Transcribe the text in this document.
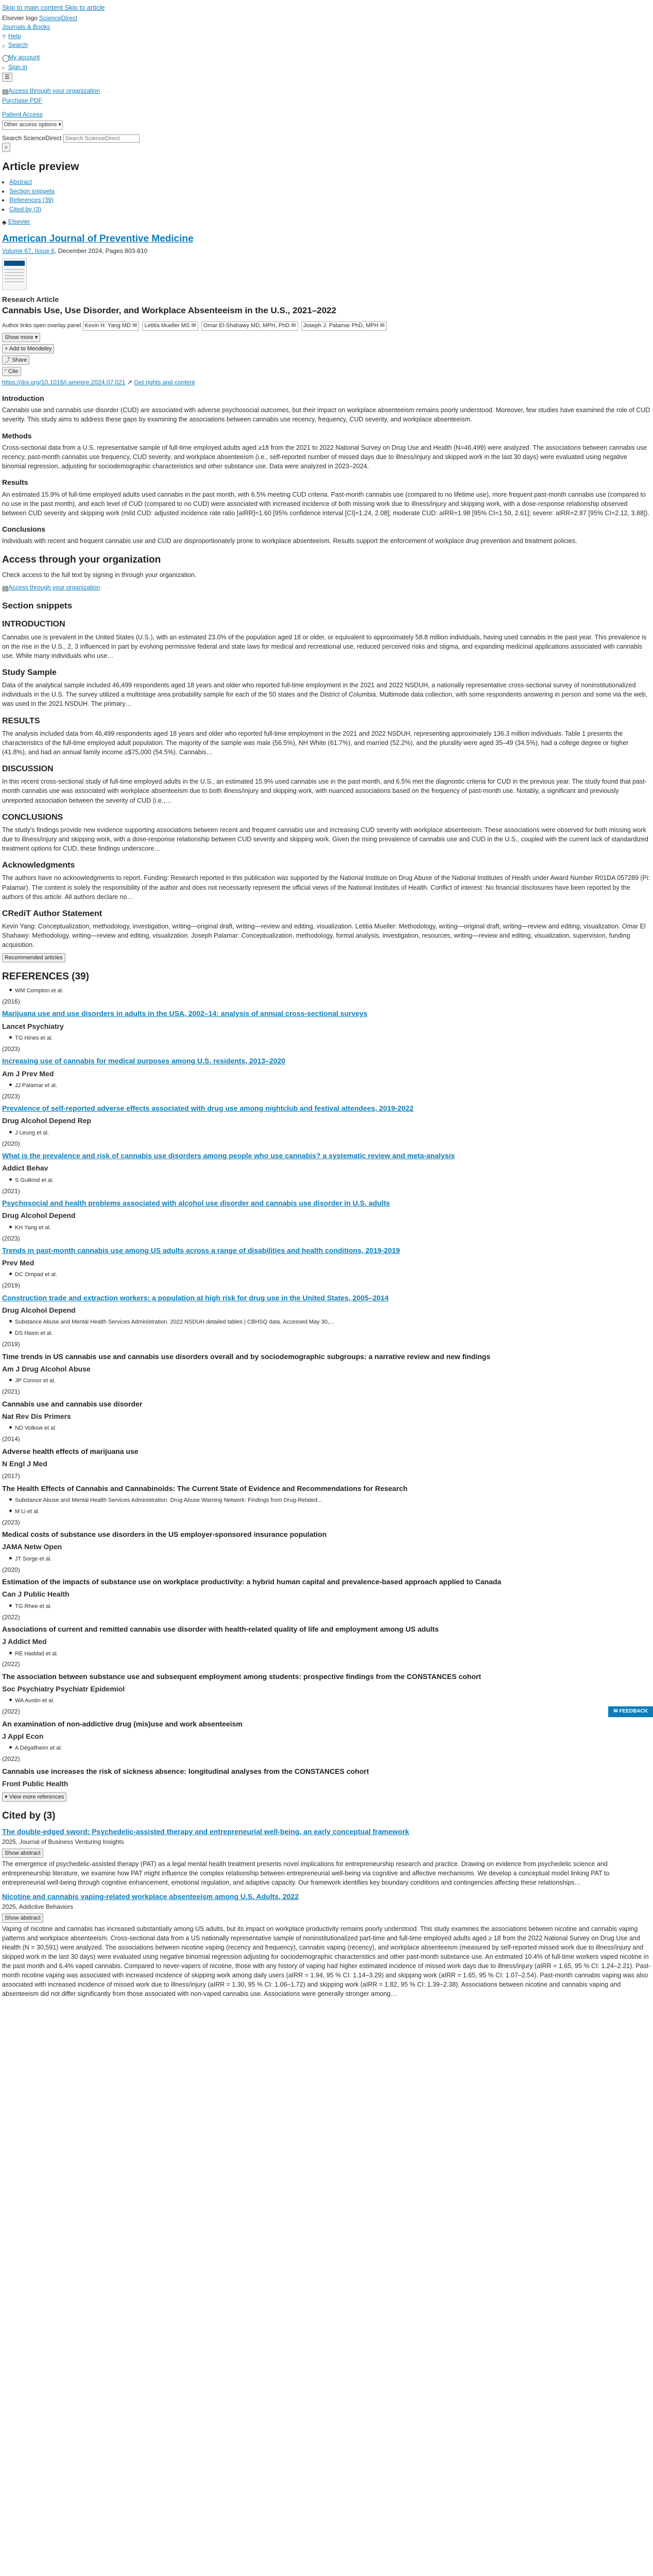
Skip to main content Skip to article
Elsevier logo ScienceDirect
Journals & Books
? Help
⌕ Search
◯My account
▫ Sign in
☰
▤Access through your organization
Purchase PDF
Patient Access
Other access options ▾
Search ScienceDirect Search ScienceDirect
⌕
Article preview
• Abstract
• Section snippets
• References (39)
• Cited by (3)
♣ Elsevier
American Journal of Preventive Medicine
Volume 67, Issue 6, December 2024, Pages 803-810
Research Article
Cannabis Use, Use Disorder, and Workplace Absenteeism in the U.S., 2021–2022
Author links open overlay panel Kevin H. Yang MD ✉ Letitia Mueller MS ✉ Omar El-Shahawy MD, MPH, PhD ✉ Joseph J. Palamar PhD, MPH ✉
Show more ▾
+ Add to Mendeley
⤴ Share
" Cite
https://doi.org/10.1016/j.amepre.2024.07.021 ↗ Get rights and content
Introduction

Cannabis use and cannabis use disorder (CUD) are associated with adverse psychosocial outcomes, but their impact on workplace absenteeism remains poorly understood. Moreover, few studies have examined the role of CUD severity. This study aims to address these gaps by examining the associations between cannabis use recency, frequency, CUD severity, and workplace absenteeism.

Methods

Cross-sectional data from a U.S. representative sample of full-time employed adults aged ≥18 from the 2021 to 2022 National Survey on Drug Use and Health (N=46,499) were analyzed. The associations between cannabis use recency, past-month cannabis use frequency, CUD severity, and workplace absenteeism (i.e., self-reported number of missed days due to illness/injury and skipped work in the last 30 days) were evaluated using negative binomial regression, adjusting for sociodemographic characteristics and other substance use. Data were analyzed in 2023–2024.

Results

An estimated 15.9% of full-time employed adults used cannabis in the past month, with 6.5% meeting CUD criteria. Past-month cannabis use (compared to no lifetime use), more frequent past-month cannabis use (compared to no use in the past month), and each level of CUD (compared to no CUD) were associated with increased incidence of both missing work due to illness/injury and skipping work, with a dose-response relationship observed between CUD severity and skipping work (mild CUD: adjusted incidence rate ratio [aIRR]=1.60 [95% confidence interval [CI]=1.24, 2.08]; moderate CUD: aIRR=1.98 [95% CI=1.50, 2.61]; severe: aIRR=2.87 [95% CI=2.12, 3.88]).

Conclusions

Individuals with recent and frequent cannabis use and CUD are disproportionately prone to workplace absenteeism. Results support the enforcement of workplace drug prevention and treatment policies.

Access through your organization

Check access to the full text by signing in through your organization.

▤Access through your organization
Section snippets
INTRODUCTION

Cannabis use is prevalent in the United States (U.S.), with an estimated 23.0% of the population aged 18 or older, or equivalent to approximately 58.8 million individuals, having used cannabis in the past year. This prevalence is on the rise in the U.S., 2, 3 influenced in part by evolving permissive federal and state laws for medical and recreational use, reduced perceived risks and stigma, and expanding medicinal applications associated with cannabis use. While many individuals who use…

Study Sample

Data of the analytical sample included 46,499 respondents aged 18 years and older who reported full-time employment in the 2021 and 2022 NSDUH, a nationally representative cross-sectional survey of noninstitutionalized individuals in the U.S. The survey utilized a multistage area probability sample for each of the 50 states and the District of Columbia. Multimode data collection, with some respondents answering in person and some via the web, was used in the 2021 NSDUH. The primary…

RESULTS

The analysis included data from 46,499 respondents aged 18 years and older who reported full-time employment in the 2021 and 2022 NSDUH, representing approximately 136.3 million individuals. Table 1 presents the characteristics of the full-time employed adult population. The majority of the sample was male (56.5%), NH White (61.7%), and married (52.2%), and the plurality were aged 35–49 (34.5%), had a college degree or higher (41.8%), and had an annual family income ≥$75,000 (54.5%). Cannabis…

DISCUSSION

In this recent cross-sectional study of full-time employed adults in the U.S., an estimated 15.9% used cannabis use in the past month, and 6.5% met the diagnostic criteria for CUD in the previous year. The study found that past-month cannabis use was associated with workplace absenteeism due to both illness/injury and skipping work, with nuanced associations based on the frequency of past-month use. Notably, a significant and previously unreported association between the severity of CUD (i.e.,…

CONCLUSIONS

The study's findings provide new evidence supporting associations between recent and frequent cannabis use and increasing CUD severity with workplace absenteeism. These associations were observed for both missing work due to illness/injury and skipping work, with a dose-response relationship between CUD severity and skipping work. Given the rising prevalence of cannabis use and CUD in the U.S., coupled with the current lack of standardized treatment options for CUD, these findings underscore…

Acknowledgments

The authors have no acknowledgments to report. Funding: Research reported in this publication was supported by the National Institute on Drug Abuse of the National Institutes of Health under Award Number R01DA 057289 (Pi: Palamar). The content is solely the responsibility of the author and does not necessarily represent the official views of the National Institutes of Health. Conflict of interest: No financial disclosures have been reported by the authors of this article. All authors declare no…

CRediT Author Statement

Kevin Yang: Conceptualization, methodology, investigation, writing—original draft, writing—review and editing, visualization. Letitia Mueller: Methodology, writing—original draft, writing—review and editing, visualization. Omar El Shahawy: Methodology, writing—review and editing, visualization. Joseph Palamar: Conceptualization, methodology, formal analysis, investigation, resources, writing—review and editing, visualization, supervision, funding acquisition.

Recommended articles
REFERENCES (39)
WM Compton et al.
(2016)
Marijuana use and use disorders in adults in the USA, 2002–14: analysis of annual cross-sectional surveys
Lancet Psychiatry
TG Hines et al.
(2023)
Increasing use of cannabis for medical purposes among U.S. residents, 2013–2020
Am J Prev Med
JJ Palamar et al.
(2023)
Prevalence of self-reported adverse effects associated with drug use among nightclub and festival attendees, 2019-2022
Drug Alcohol Depend Rep
J Leung et al.
(2020)
What is the prevalence and risk of cannabis use disorders among people who use cannabis? a systematic review and meta-analysis
Addict Behav
S Gutkind et al.
(2021)
Psychosocial and health problems associated with alcohol use disorder and cannabis use disorder in U.S. adults
Drug Alcohol Depend
KH Yang et al.
(2023)
Trends in past-month cannabis use among US adults across a range of disabilities and health conditions, 2019-2019
Prev Med
DC Ompad et al.
(2019)
Construction trade and extraction workers: a population at high risk for drug use in the United States, 2005–2014
Drug Alcohol Depend
Substance Abuse and Mental Health Services Administration. 2022 NSDUH detailed tables | CBHSQ data. Accessed May 30,...
DS Hasin et al.
(2019)
Time trends in US cannabis use and cannabis use disorders overall and by sociodemographic subgroups: a narrative review and new findings
Am J Drug Alcohol Abuse
JP Connor et al.
(2021)
Cannabis use and cannabis use disorder
Nat Rev Dis Primers
ND Volkow et al.
(2014)
Adverse health effects of marijuana use
N Engl J Med
(2017)
The Health Effects of Cannabis and Cannabinoids: The Current State of Evidence and Recommendations for Research
Substance Abuse and Mental Health Services Administration. Drug Abuse Warning Network: Findings from Drug-Related...
M Li et al.
(2023)
Medical costs of substance use disorders in the US employer-sponsored insurance population
JAMA Netw Open
JT Sorge et al.
(2020)
Estimation of the impacts of substance use on workplace productivity: a hybrid human capital and prevalence-based approach applied to Canada
Can J Public Health
TG Rhee et al.
(2022)
Associations of current and remitted cannabis use disorder with health-related quality of life and employment among US adults
J Addict Med
RE Haddad et al.
(2022)
The association between substance use and subsequent employment among students: prospective findings from the CONSTANCES cohort
Soc Psychiatry Psychiatr Epidemiol
WA Austin et al.
(2022)
An examination of non-addictive drug (mis)use and work absenteeism
J Appl Econ
A Dégallheim et al.
(2022)
Cannabis use increases the risk of sickness absence: longitudinal analyses from the CONSTANCES cohort
Front Public Health
▾ View more references
Cited by (3)
The double-edged sword: Psychedelic-assisted therapy and entrepreneurial well-being, an early conceptual framework
2025, Journal of Business Venturing Insights
Show abstract

The emergence of psychedelic-assisted therapy (PAT) as a legal mental health treatment presents novel implications for entrepreneurship research and practice. Drawing on evidence from psychedelic science and entrepreneurship literature, we examine how PAT might influence the complex relationship between entrepreneurial well-being via cognitive and affective mechanisms. We develop a conceptual model linking PAT to entrepreneurial well-being through cognitive enhancement, emotional regulation, and adaptive capacity. Our framework identifies key boundary conditions and contingencies affecting these relationships…

Nicotine and cannabis vaping-related workplace absenteeism among U.S. Adults, 2022
2025, Addictive Behaviors
Show abstract

Vaping of nicotine and cannabis has increased substantially among US adults, but its impact on workplace productivity remains poorly understood. This study examines the associations between nicotine and cannabis vaping patterns and workplace absenteeism. Cross-sectional data from a US nationally representative sample of noninstitutionalized part-time and full-time employed adults aged ≥ 18 from the 2022 National Survey on Drug Use and Health (N = 30,591) were analyzed. The associations between nicotine vaping (recency and frequency), cannabis vaping (recency), and workplace absenteeism (measured by self-reported missed work due to illness/injury and skipped work in the last 30 days) were evaluated using negative binomial regression adjusting for sociodemographic characteristics and other past-month substance use. An estimated 10.4% of full-time workers vaped nicotine in the past month and 6.4% vaped cannabis. Compared to never-vapers of nicotine, those with any history of vaping had higher estimated incidence of missed work days due to illness/injury (aIRR = 1.65, 95 % CI: 1.24–2.21). Past-month nicotine vaping was associated with increased incidence of skipping work among daily users (aIRR = 1.94, 95 % CI: 1.14–3.29) and skipping work (aIRR = 1.65, 95 % CI: 1.07–2.54). Past-month cannabis vaping was also associated with increased incidence of missed work due to illness/injury (aIRR = 1.30, 95 % CI: 1.06–1.72) and skipping work (aIRR = 1.82, 95 % CI: 1.39–2.38). Associations between nicotine and cannabis vaping and absenteeism did not differ significantly from those associated with non-vaped cannabis use. Associations were generally stronger among…

✉ FEEDBACK
